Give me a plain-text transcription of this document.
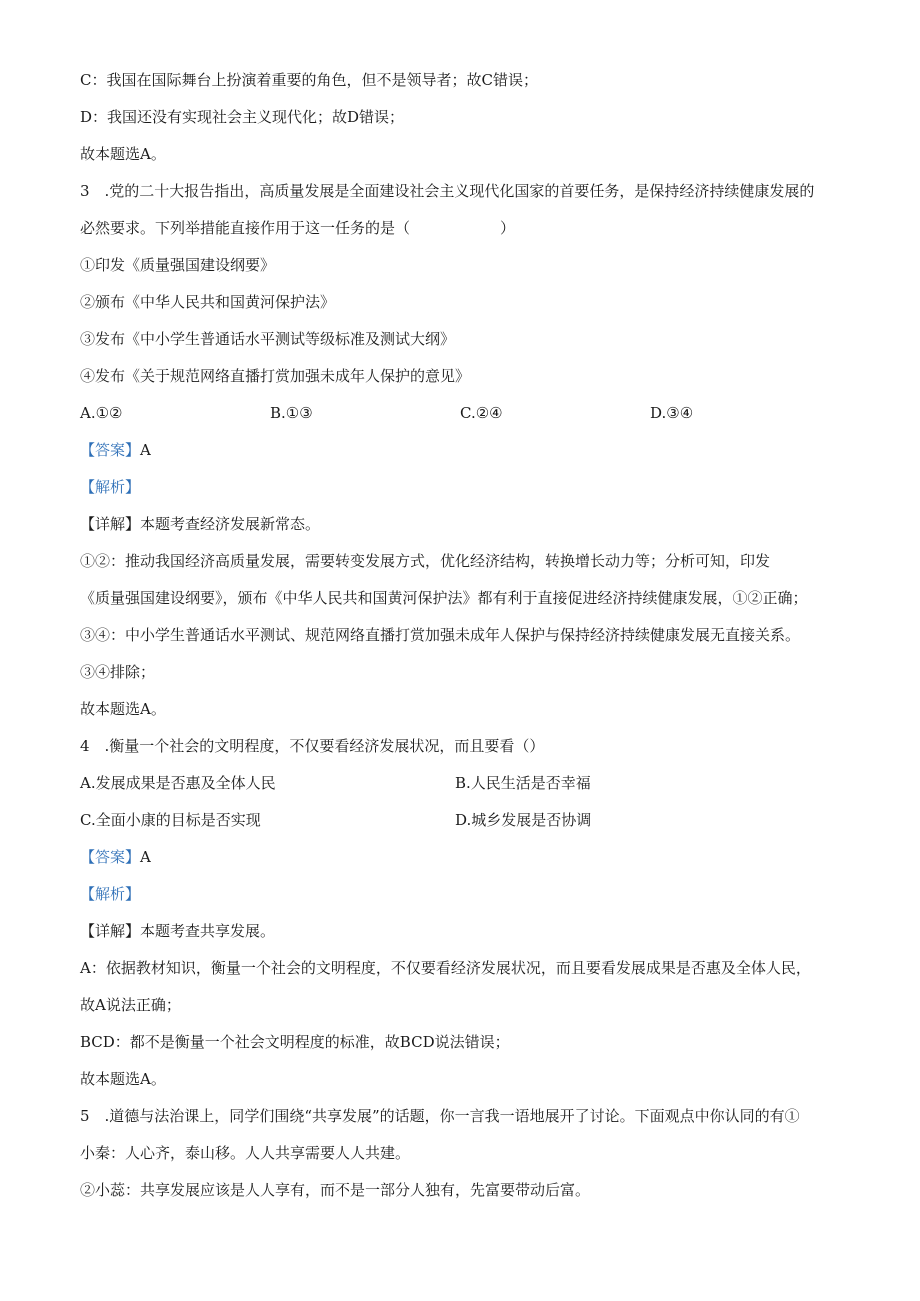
C：我国在国际舞台上扮演着重要的角色，但不是领导者；故C错误；
D：我国还没有实现社会主义现代化；故D错误；
故本题选A。
3　.党的二十大报告指出，高质量发展是全面建设社会主义现代化国家的首要任务，是保持经济持续健康发展的
必然要求。下列举措能直接作用于这一任务的是（	）
①印发《质量强国建设纲要》
②颁布《中华人民共和国黄河保护法》
③发布《中小学生普通话水平测试等级标准及测试大纲》
④发布《关于规范网络直播打赏加强未成年人保护的意见》
A.①②	B.①③	C.②④	D.③④
【答案】A
【解析】
【详解】本题考查经济发展新常态。
①②：推动我国经济高质量发展，需要转变发展方式，优化经济结构，转换增长动力等；分析可知，印发
《质量强国建设纲要》，颁布《中华人民共和国黄河保护法》都有利于直接促进经济持续健康发展，①②正确；
③④：中小学生普通话水平测试、规范网络直播打赏加强未成年人保护与保持经济持续健康发展无直接关系。
③④排除；
故本题选A。
4　.衡量一个社会的文明程度，不仅要看经济发展状况，而且要看（）
A.发展成果是否惠及全体人民	B.人民生活是否幸福
C.全面小康的目标是否实现	D.城乡发展是否协调
【答案】A
【解析】
【详解】本题考查共享发展。
A：依据教材知识，衡量一个社会的文明程度，不仅要看经济发展状况，而且要看发展成果是否惠及全体人民，
故A说法正确；
BCD：都不是衡量一个社会文明程度的标准，故BCD说法错误；
故本题选A。
5　.道德与法治课上，同学们围绕“共享发展”的话题，你一言我一语地展开了讨论。下面观点中你认同的有①
小秦：人心齐，泰山移。人人共享需要人人共建。
②小蕊：共享发展应该是人人享有，而不是一部分人独有，先富要带动后富。
